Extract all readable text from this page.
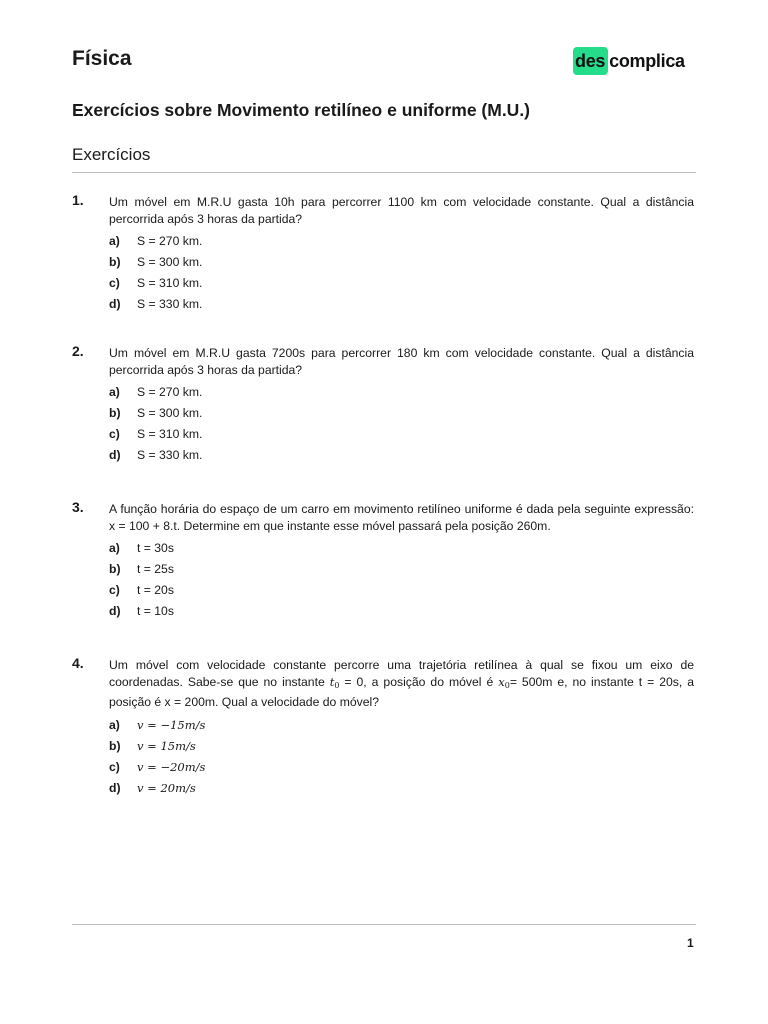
Física	des complica
Exercícios sobre Movimento retilíneo e uniforme (M.U.)
Exercícios
1. Um móvel em M.R.U gasta 10h para percorrer 1100 km com velocidade constante. Qual a distância percorrida após 3 horas da partida?
a)	S = 270 km.
b)	S = 300 km.
c)	S = 310 km.
d)	S = 330 km.
2. Um móvel em M.R.U gasta 7200s para percorrer 180 km com velocidade constante. Qual a distância percorrida após 3 horas da partida?
a)	S = 270 km.
b)	S = 300 km.
c)	S = 310 km.
d)	S = 330 km.
3. A função horária do espaço de um carro em movimento retilíneo uniforme é dada pela seguinte expressão: x = 100 + 8.t. Determine em que instante esse móvel passará pela posição 260m.
a)	t = 30s
b)	t = 25s
c)	t = 20s
d)	t = 10s
4. Um móvel com velocidade constante percorre uma trajetória retilínea à qual se fixou um eixo de coordenadas. Sabe-se que no instante $t_0 = 0$, a posição do móvel é $x_0= 500m$ e, no instante t = 20s, a posição é x = 200m. Qual a velocidade do móvel?
a)	v = −15m/s
b)	v = 15m/s
c)	v = −20m/s
d)	v = 20m/s
1
